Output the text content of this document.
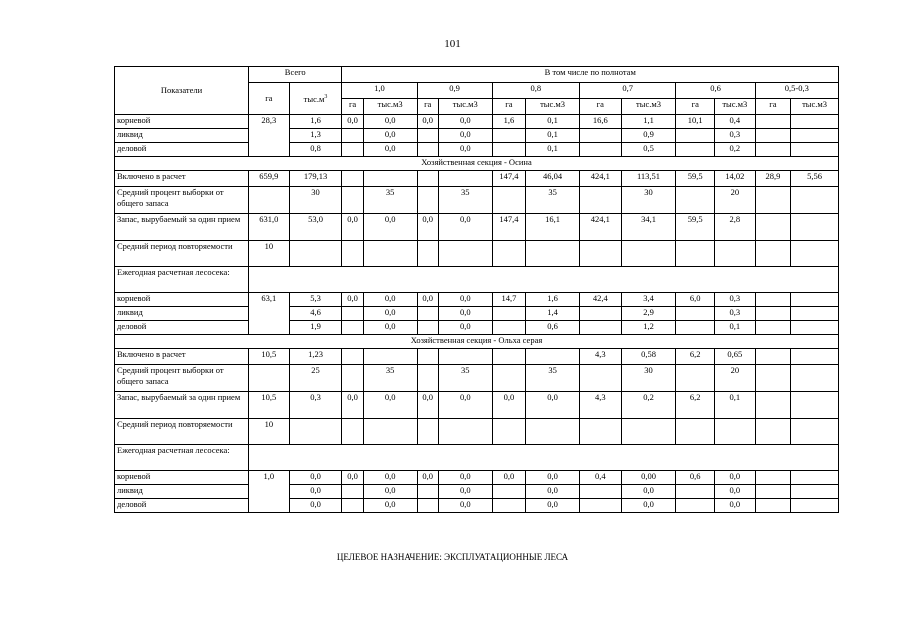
101
Показатели	Всего		В том числе по полнотам											
	га	$тыс.м^3$	1,0		0,9		0,8		0,7		0,6		0,5-0,3	
			га	тыс.м3	га	тыс.м3	га	тыс.м3	га	тыс.м3	га	тыс.м3	га	тыс.м3
корневой	28,3	1,6	0,0	0,0	0,0	0,0	1,6	0,1	16,6	1,1	10,1	0,4		
ликвид		1,3		0,0		0,0		0,1		0,9		0,3		
деловой		0,8		0,0		0,0		0,1		0,5		0,2		
Хозяйственная секция - Осина														
Включено в расчет	659,9	179,13					147,4	46,04	424,1	113,51	59,5	14,02	28,9	5,56
Средний процент выборки от общего запаса		30		35		35		35		30		20		
Запас, вырубаемый за один прием	631,0	53,0	0,0	0,0	0,0	0,0	147,4	16,1	424,1	34,1	59,5	2,8		
Средний период повторяемости	10													
Ежегодная расчетная лесосека:														
корневой	63,1	5,3	0,0	0,0	0,0	0,0	14,7	1,6	42,4	3,4	6,0	0,3		
ликвид		4,6		0,0		0,0		1,4		2,9		0,3		
деловой		1,9		0,0		0,0		0,6		1,2		0,1		
Хозяйственная секция - Ольха серая														
Включено в расчет	10,5	1,23							4,3	0,58	6,2	0,65		
Средний процент выборки от общего запаса		25		35		35		35		30		20		
Запас, вырубаемый за один прием	10,5	0,3	0,0	0,0	0,0	0,0	0,0	0,0	4,3	0,2	6,2	0,1		
Средний период повторяемости	10													
Ежегодная расчетная лесосека:														
корневой	1,0	0,0	0,0	0,0	0,0	0,0	0,0	0,0	0,4	0,00	0,6	0,0		
ликвид		0,0		0,0		0,0		0,0		0,0		0,0		
деловой		0,0		0,0		0,0		0,0		0,0		0,0		
ЦЕЛЕВОЕ НАЗНАЧЕНИЕ: ЭКСПЛУАТАЦИОННЫЕ ЛЕСА
